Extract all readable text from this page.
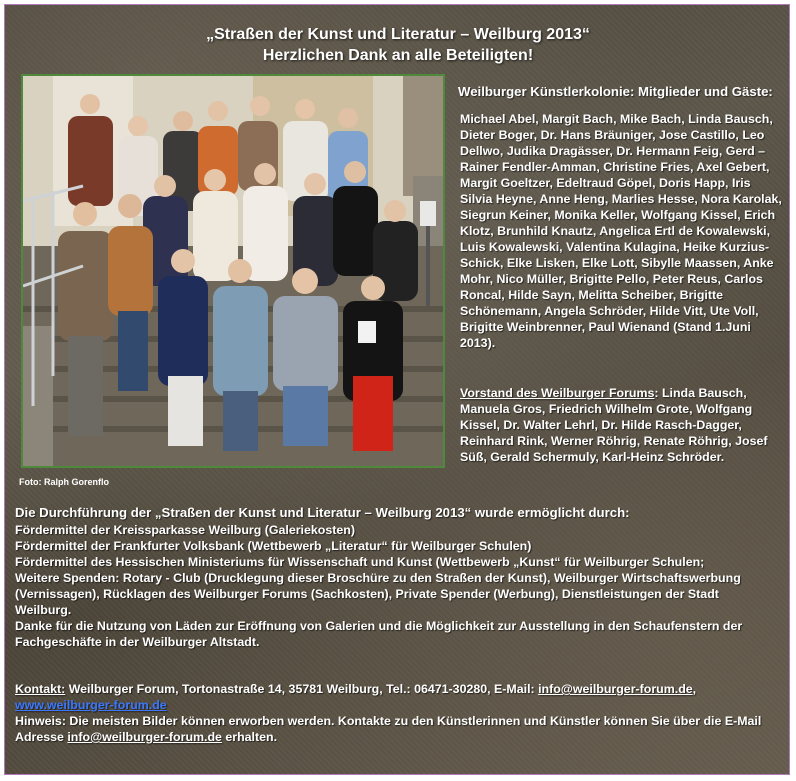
„Straßen der Kunst und Literatur – Weilburg 2013“
Herzlichen Dank an alle Beteiligten!
Foto: Ralph Gorenflo
Weilburger Künstlerkolonie: Mitglieder und Gäste:

Michael Abel, Margit Bach, Mike Bach, Linda Bausch,

Dieter Boger, Dr. Hans Bräuniger, Jose Castillo, Leo

Dellwo, Judika Dragässer, Dr. Hermann Feig, Gerd –

Rainer Fendler-Amman, Christine Fries, Axel Gebert,

Margit Goeltzer, Edeltraud Göpel, Doris Happ, Iris

Silvia Heyne, Anne Heng, Marlies Hesse, Nora Karolak,

Siegrun Keiner, Monika Keller, Wolfgang Kissel, Erich

Klotz, Brunhild Knautz, Angelica Ertl de Kowalewski,

Luis Kowalewski, Valentina Kulagina, Heike Kurzius-

Schick, Elke Lisken, Elke Lott, Sibylle Maassen, Anke

Mohr, Nico Müller, Brigitte Pello, Peter Reus, Carlos

Roncal, Hilde Sayn, Melitta Scheiber, Brigitte

Schönemann, Angela Schröder, Hilde Vitt, Ute Voll,

Brigitte Weinbrenner, Paul Wienand (Stand 1.Juni

2013).

Vorstand des Weilburger Forums: Linda Bausch,

Manuela Gros, Friedrich Wilhelm Grote, Wolfgang

Kissel, Dr. Walter Lehrl, Dr. Hilde Rasch-Dagger,

Reinhard Rink, Werner Röhrig, Renate Röhrig, Josef

Süß, Gerald Schermuly, Karl-Heinz Schröder.

Die Durchführung der „Straßen der Kunst und Literatur – Weilburg 2013“ wurde ermöglicht durch:

Fördermittel der Kreissparkasse Weilburg (Galeriekosten)

Fördermittel der Frankfurter Volksbank (Wettbewerb „Literatur“ für Weilburger Schulen)

Fördermittel des Hessischen Ministeriums für Wissenschaft und Kunst (Wettbewerb „Kunst“ für Weilburger Schulen;

Weitere Spenden: Rotary - Club (Drucklegung dieser Broschüre zu den Straßen der Kunst), Weilburger Wirtschaftswerbung

(Vernissagen), Rücklagen des Weilburger Forums (Sachkosten), Private Spender (Werbung), Dienstleistungen der Stadt

Weilburg.

Danke für die Nutzung von Läden zur Eröffnung von Galerien und die Möglichkeit zur Ausstellung in den Schaufenstern der

Fachgeschäfte in der Weilburger Altstadt.

Kontakt: Weilburger Forum, Tortonastraße 14, 35781 Weilburg, Tel.: 06471-30280, E-Mail: info@weilburger-forum.de,

www.weilburger-forum.de

Hinweis: Die meisten Bilder können erworben werden. Kontakte zu den Künstlerinnen und Künstler können Sie über die E-Mail

Adresse info@weilburger-forum.de erhalten.
